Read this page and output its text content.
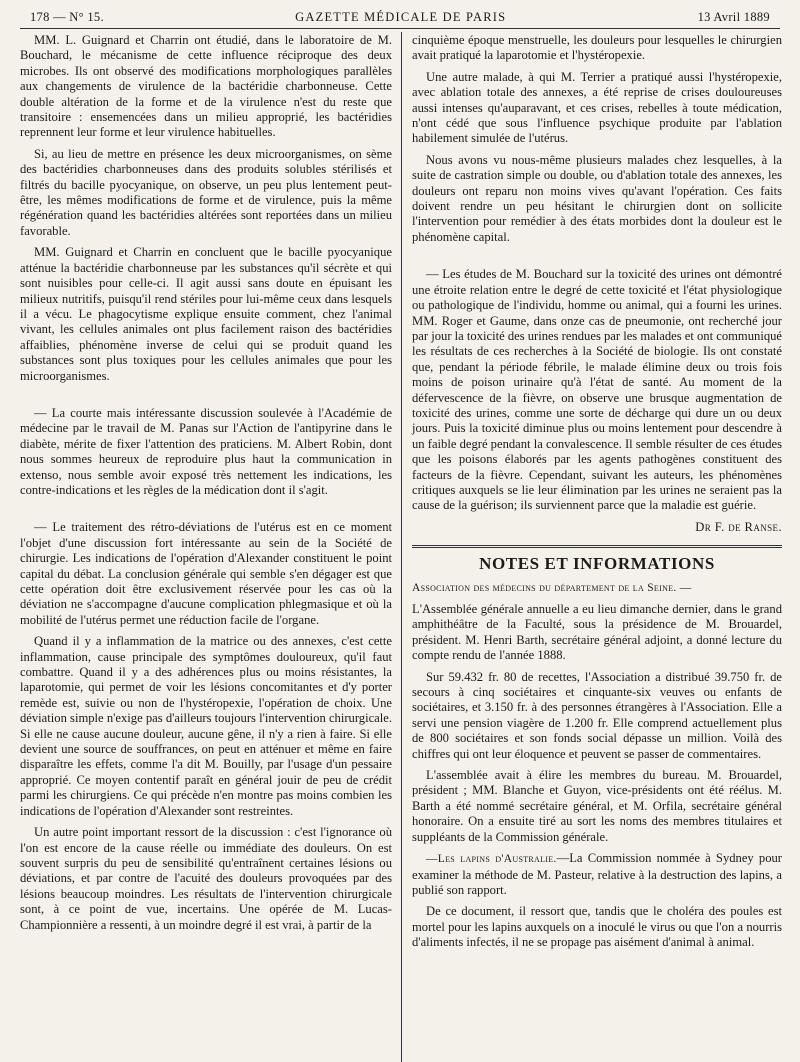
178 — N° 15.	GAZETTE MÉDICALE DE PARIS	13 Avril 1889

MM. L. Guignard et Charrin ont étudié, dans le laboratoire de M. Bouchard, le mécanisme de cette influence réciproque des deux microbes. Ils ont observé des modifications morphologiques parallèles aux changements de virulence de la bactéridie charbonneuse. Cette double altération de la forme et de la virulence n'est du reste que transitoire : ensemencées dans un milieu approprié, les bactéridies reprennent leur forme et leur virulence habituelles.

Si, au lieu de mettre en présence les deux microorganismes, on sème des bactéridies charbonneuses dans des produits solubles stérilisés et filtrés du bacille pyocyanique, on observe, un peu plus lentement peut-être, les mêmes modifications de forme et de virulence, puis la même régénération quand les bactéridies altérées sont reportées dans un milieu favorable.

MM. Guignard et Charrin en concluent que le bacille pyocyanique atténue la bactéridie charbonneuse par les substances qu'il sécrète et qui sont nuisibles pour celle-ci. Il agit aussi sans doute en épuisant les milieux nutritifs, puisqu'il rend stériles pour lui-même ceux dans lesquels il a vécu. Le phagocytisme explique ensuite comment, chez l'animal vivant, les cellules animales ont plus facilement raison des bactéridies affaiblies, phénomène inverse de celui qui se produit quand les substances sont plus toxiques pour les cellules animales que pour les microorganismes.

— La courte mais intéressante discussion soulevée à l'Académie de médecine par le travail de M. Panas sur l'Action de l'antipyrine dans le diabète, mérite de fixer l'attention des praticiens. M. Albert Robin, dont nous sommes heureux de reproduire plus haut la communication in extenso, nous semble avoir exposé très nettement les indications, les contre-indications et les règles de la médication dont il s'agit.

— Le traitement des rétro-déviations de l'utérus est en ce moment l'objet d'une discussion fort intéressante au sein de la Société de chirurgie. Les indications de l'opération d'Alexander constituent le point capital du débat. La conclusion générale qui semble s'en dégager est que cette opération doit être exclusivement réservée pour les cas où la déviation ne s'accompagne d'aucune complication phlegmasique et où la mobilité de l'utérus permet une réduction facile de l'organe.

Quand il y a inflammation de la matrice ou des annexes, c'est cette inflammation, cause principale des symptômes douloureux, qu'il faut combattre. Quand il y a des adhérences plus ou moins résistantes, la laparotomie, qui permet de voir les lésions concomitantes et d'y porter remède est, suivie ou non de l'hystéropexie, l'opération de choix. Une déviation simple n'exige pas d'ailleurs toujours l'intervention chirurgicale. Si elle ne cause aucune douleur, aucune gêne, il n'y a rien à faire. Si elle devient une source de souffrances, on peut en atténuer et même en faire disparaître les effets, comme l'a dit M. Bouilly, par l'usage d'un pessaire approprié. Ce moyen contentif paraît en général jouir de peu de crédit parmi les chirurgiens. Ce qui précède n'en montre pas moins combien les indications de l'opération d'Alexander sont restreintes.

Un autre point important ressort de la discussion : c'est l'ignorance où l'on est encore de la cause réelle ou immédiate des douleurs. On est souvent surpris du peu de sensibilité qu'entraînent certaines lésions ou déviations, et par contre de l'acuité des douleurs provoquées par des lésions beaucoup moindres. Les résultats de l'intervention chirurgicale sont, à ce point de vue, incertains. Une opérée de M. Lucas-Championnière a ressenti, à un moindre degré il est vrai, à partir de la

cinquième époque menstruelle, les douleurs pour lesquelles le chirurgien avait pratiqué la laparotomie et l'hystéropexie.

Une autre malade, à qui M. Terrier a pratiqué aussi l'hystéropexie, avec ablation totale des annexes, a été reprise de crises douloureuses aussi intenses qu'auparavant, et ces crises, rebelles à toute médication, n'ont cédé que sous l'influence psychique produite par l'ablation habilement simulée de l'utérus.

Nous avons vu nous-même plusieurs malades chez lesquelles, à la suite de castration simple ou double, ou d'ablation totale des annexes, les douleurs ont reparu non moins vives qu'avant l'opération. Ces faits doivent rendre un peu hésitant le chirurgien dont on sollicite l'intervention pour remédier à des états morbides dont la douleur est le phénomène capital.

— Les études de M. Bouchard sur la toxicité des urines ont démontré une étroite relation entre le degré de cette toxicité et l'état physiologique ou pathologique de l'individu, homme ou animal, qui a fourni les urines. MM. Roger et Gaume, dans onze cas de pneumonie, ont recherché jour par jour la toxicité des urines rendues par les malades et ont communiqué les résultats de ces recherches à la Société de biologie. Ils ont constaté que, pendant la période fébrile, le malade élimine deux ou trois fois moins de poison urinaire qu'à l'état de santé. Au moment de la défervescence de la fièvre, on observe une brusque augmentation de toxicité des urines, comme une sorte de décharge qui dure un ou deux jours. Puis la toxicité diminue plus ou moins lentement pour descendre à un faible degré pendant la convalescence. Il semble résulter de ces études que les poisons élaborés par les agents pathogènes constituent des facteurs de la fièvre. Cependant, suivant les auteurs, les phénomènes critiques auxquels se lie leur élimination par les urines ne seraient pas la cause de la guérison; ils surviennent parce que la maladie est guérie.

Dr F. de Ranse.

NOTES ET INFORMATIONS

Association des médecins du département de la Seine. —

L'Assemblée générale annuelle a eu lieu dimanche dernier, dans le grand amphithéâtre de la Faculté, sous la présidence de M. Brouardel, président. M. Henri Barth, secrétaire général adjoint, a donné lecture du compte rendu de l'année 1888.

Sur 59.432 fr. 80 de recettes, l'Association a distribué 39.750 fr. de secours à cinq sociétaires et cinquante-six veuves ou enfants de sociétaires, et 3.150 fr. à des personnes étrangères à l'Association. Elle a servi une pension viagère de 1.200 fr. Elle comprend actuellement plus de 800 sociétaires et son fonds social dépasse un million. Voilà des chiffres qui ont leur éloquence et peuvent se passer de commentaires.

L'assemblée avait à élire les membres du bureau. M. Brouardel, président ; MM. Blanche et Guyon, vice-présidents ont été réélus. M. Barth a été nommé secrétaire général, et M. Orfila, secrétaire général honoraire. On a ensuite tiré au sort les noms des membres titulaires et suppléants de la Commission générale.

—Les lapins d'Australie.—La Commission nommée à Sydney pour examiner la méthode de M. Pasteur, relative à la destruction des lapins, a publié son rapport.

De ce document, il ressort que, tandis que le choléra des poules est mortel pour les lapins auxquels on a inoculé le virus ou que l'on a nourris d'aliments infectés, il ne se propage pas aisément d'animal à animal.
